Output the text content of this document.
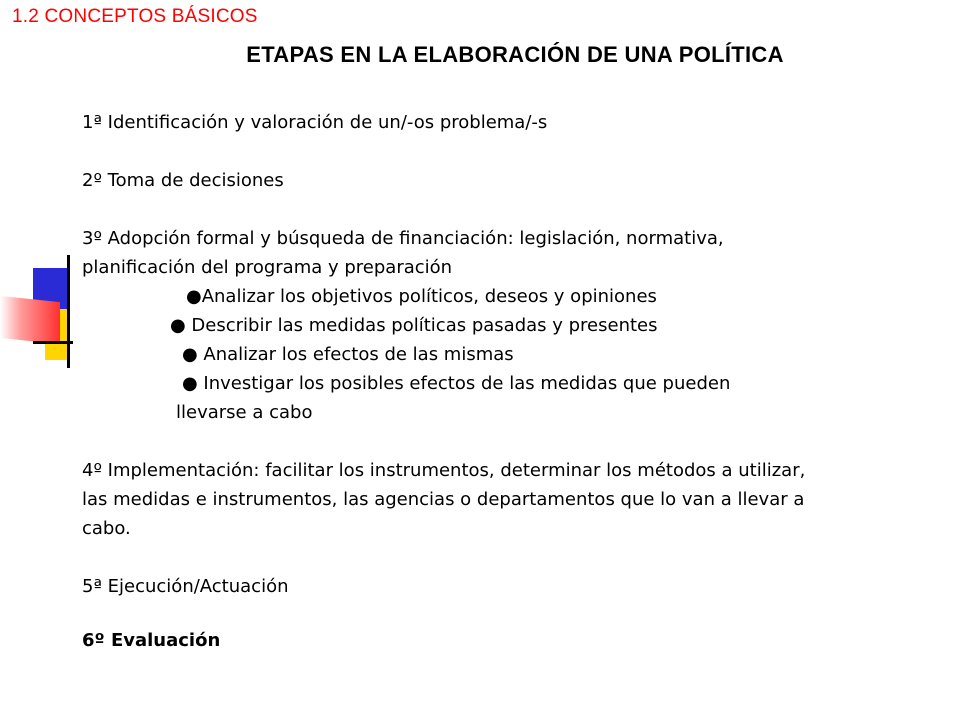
1.2 CONCEPTOS BÁSICOS
ETAPAS EN LA ELABORACIÓN DE UNA POLÍTICA

1ª Identificación y valoración de un/-os problema/-s

2º Toma de decisiones

3º Adopción formal y búsqueda de financiación: legislación, normativa,

planificación del programa y preparación

●Analizar los objetivos políticos, deseos y opiniones

● Describir las medidas políticas pasadas y presentes

● Analizar los efectos de las mismas

● Investigar los posibles efectos de las medidas que pueden

llevarse a cabo

4º Implementación: facilitar los instrumentos, determinar los métodos a utilizar,

las medidas e instrumentos, las agencias o departamentos que lo van a llevar a

cabo.

5ª Ejecución/Actuación

6º Evaluación
